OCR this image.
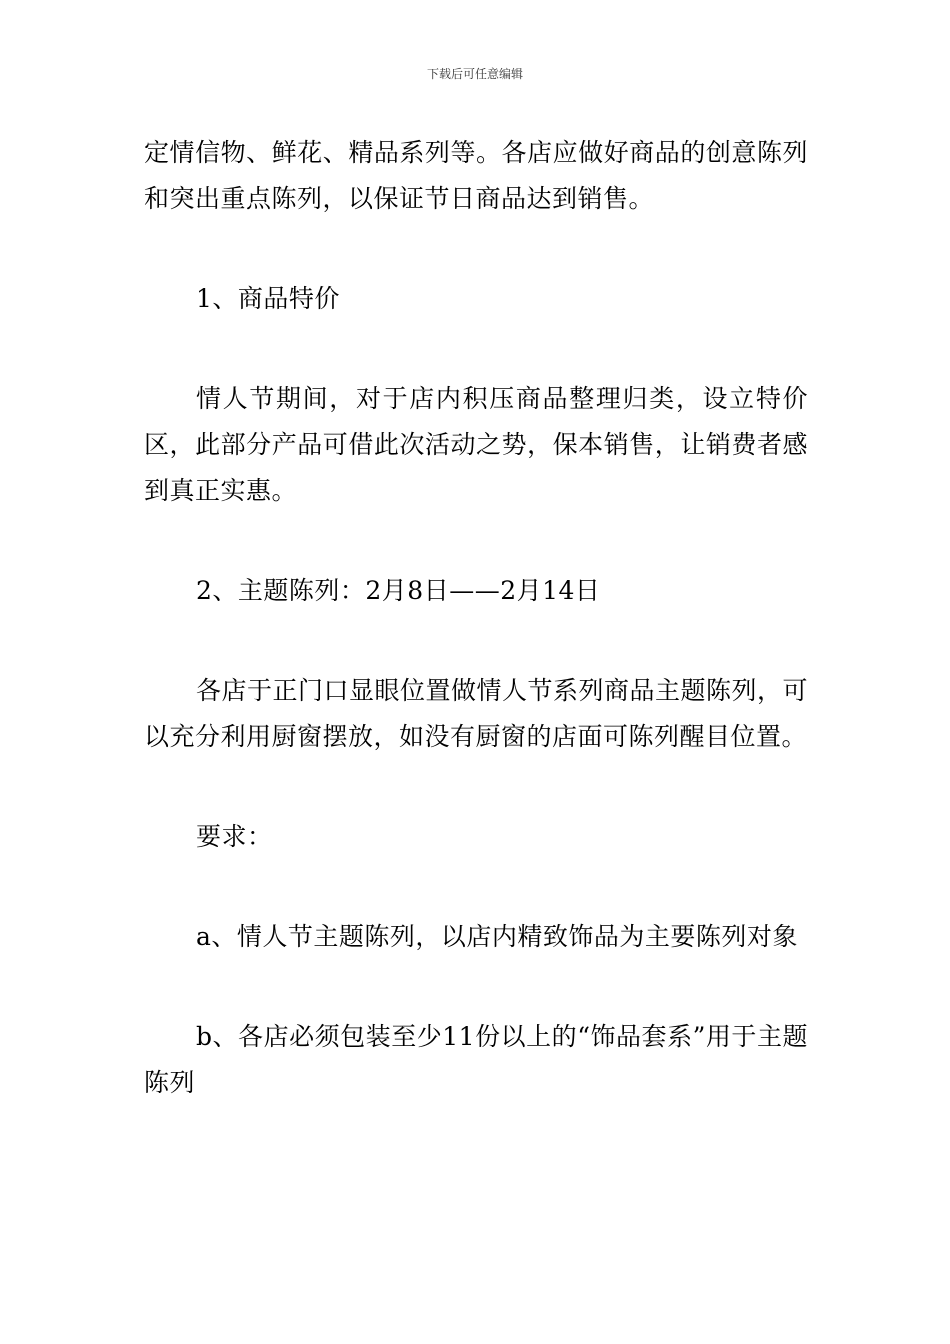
下载后可任意编辑

定情信物、鲜花、精品系列等。各店应做好商品的创意陈列和突出重点陈列，以保证节日商品达到销售。

1、商品特价

情人节期间，对于店内积压商品整理归类，设立特价区，此部分产品可借此次活动之势，保本销售，让销费者感到真正实惠。

2、主题陈列：2月8日——2月14日

各店于正门口显眼位置做情人节系列商品主题陈列，可以充分利用厨窗摆放，如没有厨窗的店面可陈列醒目位置。

要求：

a、情人节主题陈列，以店内精致饰品为主要陈列对象

b、各店必须包装至少11份以上的“饰品套系”用于主题陈列
